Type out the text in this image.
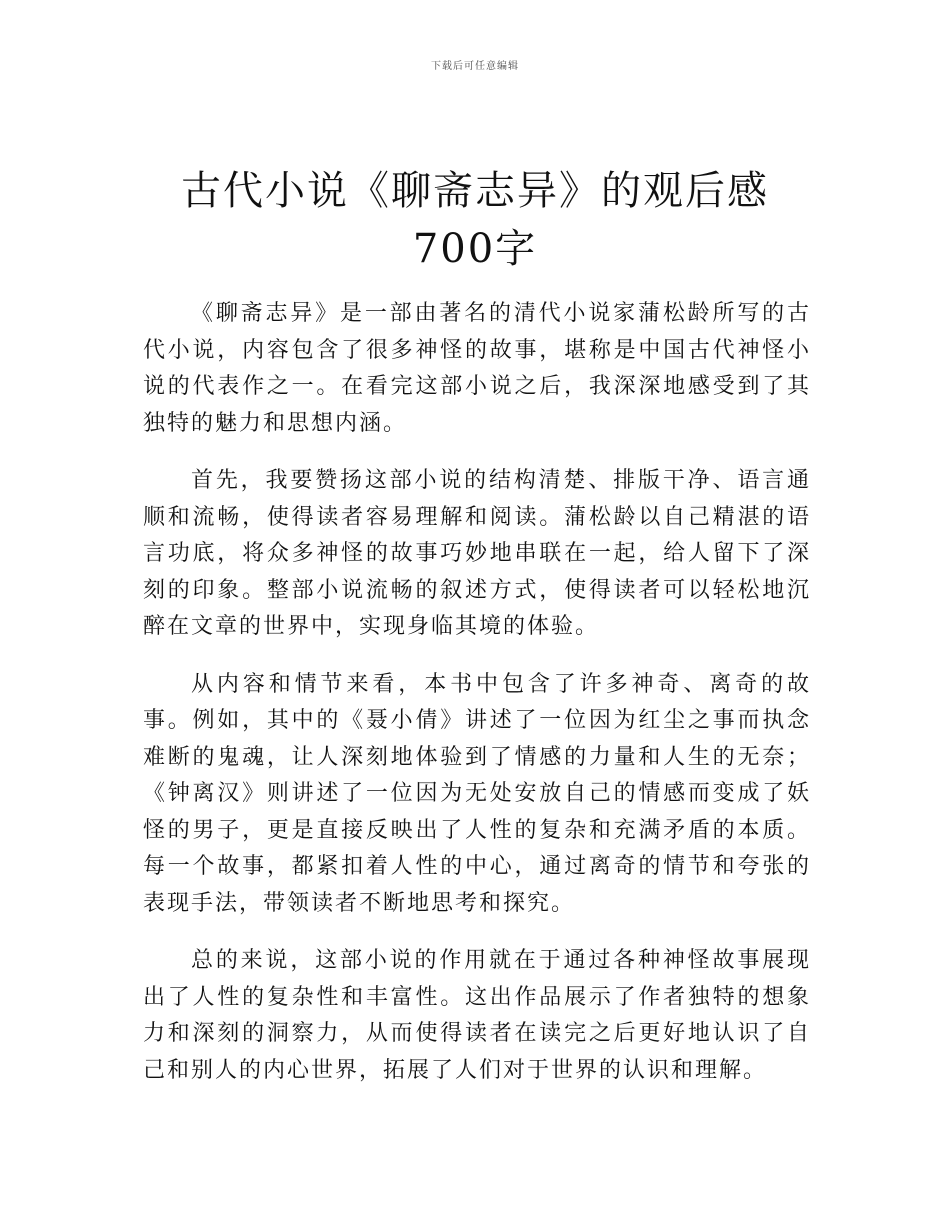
下载后可任意编辑
古代小说《聊斋志异》的观后感 700字

《聊斋志异》是一部由著名的清代小说家蒲松龄所写的古代小说，内容包含了很多神怪的故事，堪称是中国古代神怪小说的代表作之一。在看完这部小说之后，我深深地感受到了其独特的魅力和思想内涵。

首先，我要赞扬这部小说的结构清楚、排版干净、语言通顺和流畅，使得读者容易理解和阅读。蒲松龄以自己精湛的语言功底，将众多神怪的故事巧妙地串联在一起，给人留下了深刻的印象。整部小说流畅的叙述方式，使得读者可以轻松地沉醉在文章的世界中，实现身临其境的体验。

从内容和情节来看，本书中包含了许多神奇、离奇的故事。例如，其中的《聂小倩》讲述了一位因为红尘之事而执念难断的鬼魂，让人深刻地体验到了情感的力量和人生的无奈；《钟离汉》则讲述了一位因为无处安放自己的情感而变成了妖怪的男子，更是直接反映出了人性的复杂和充满矛盾的本质。每一个故事，都紧扣着人性的中心，通过离奇的情节和夸张的表现手法，带领读者不断地思考和探究。

总的来说，这部小说的作用就在于通过各种神怪故事展现出了人性的复杂性和丰富性。这出作品展示了作者独特的想象力和深刻的洞察力，从而使得读者在读完之后更好地认识了自己和别人的内心世界，拓展了人们对于世界的认识和理解。
